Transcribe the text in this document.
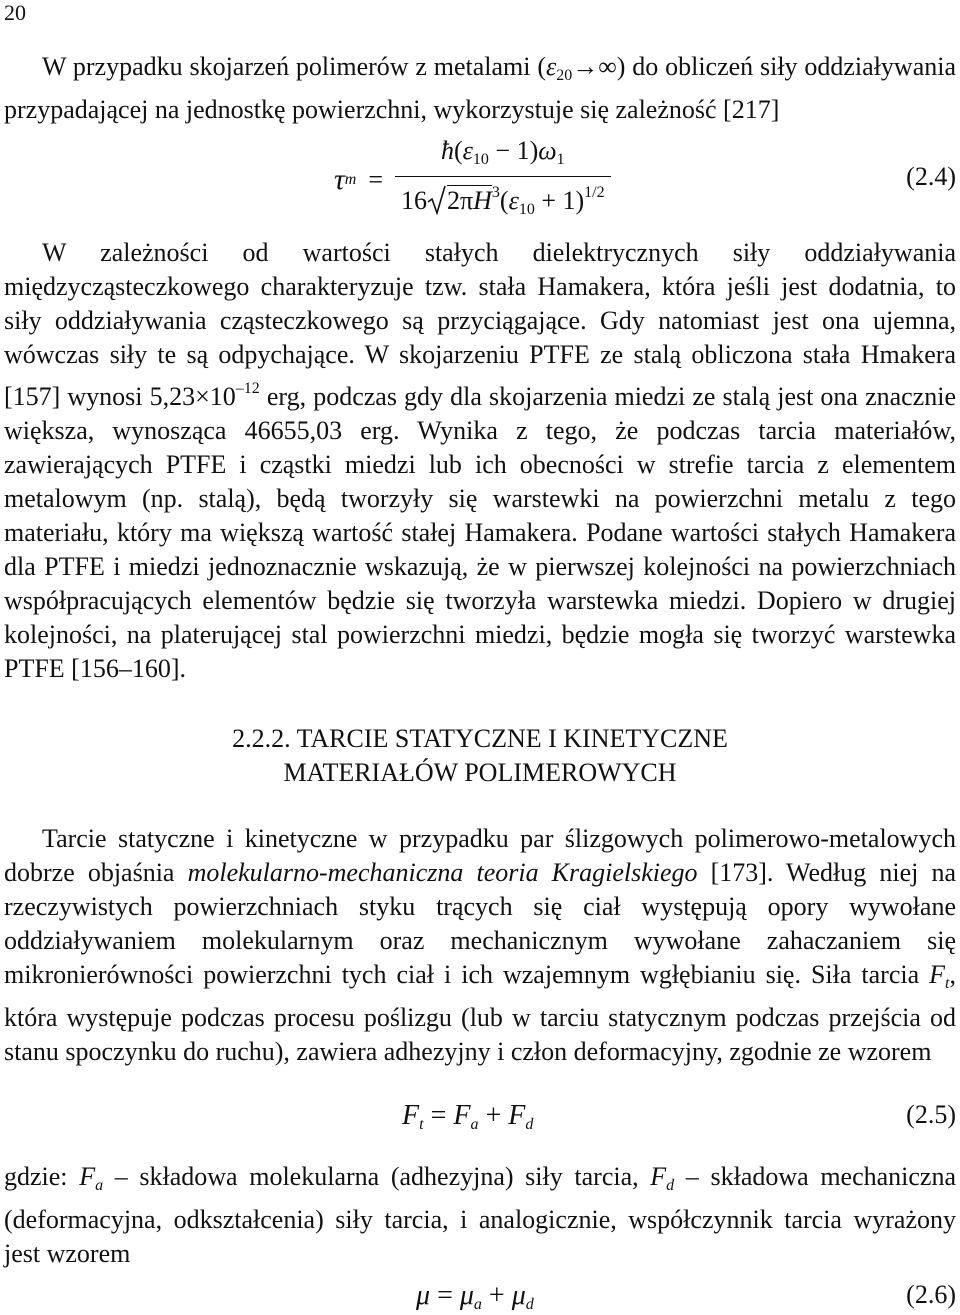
20

W przypadku skojarzeń polimerów z metalami $(\varepsilon_{20}\to\infty)$ do obliczeń siły oddziaływania przypadającej na jednostkę powierzchni, wykorzystuje się zależność [217]

τ $m = \frac{ħ(\varepsilon_{10} - 1)\omega_1}{16 2\pi H^3(\varepsilon_{10} + 1)^{1/2}}$	(2.4)

W zależności od wartości stałych dielektrycznych siły oddziaływania międzycząsteczkowego charakteryzuje tzw. stała Hamakera, która jeśli jest dodatnia, to siły oddziaływania cząsteczkowego są przyciągające. Gdy natomiast jest ona ujemna, wówczas siły te są odpychające. W skojarzeniu PTFE ze stalą obliczona stała Hmakera [157] wynosi $5,23\times 10^{-12}$ erg, podczas gdy dla skojarzenia miedzi ze stalą jest ona znacznie większa, wynosząca 46655,03 erg. Wynika z tego, że podczas tarcia materiałów, zawierających PTFE i cząstki miedzi lub ich obecności w strefie tarcia z elementem metalowym (np. stalą), będą tworzyły się warstewki na powierzchni metalu z tego materiału, który ma większą wartość stałej Hamakera. Podane wartości stałych Hamakera dla PTFE i miedzi jednoznacznie wskazują, że w pierwszej kolejności na powierzchniach współpracujących elementów będzie się tworzyła warstewka miedzi. Dopiero w drugiej kolejności, na platerującej stal powierzchni miedzi, będzie mogła się tworzyć warstewka PTFE [156–160].

2.2.2. TARCIE STATYCZNE I KINETYCZNE
MATERIAŁÓW POLIMEROWYCH

Tarcie statyczne i kinetyczne w przypadku par ślizgowych polimerowo-metalowych dobrze objaśnia molekularno-mechaniczna teoria Kragielskiego [173]. Według niej na rzeczywistych powierzchniach styku trących się ciał występują opory wywołane oddziaływaniem molekularnym oraz mechanicznym wywołane zahaczaniem się mikronierówności powierzchni tych ciał i ich wzajemnym wgłębianiu się. Siła tarcia $F_t$, która występuje podczas procesu poślizgu (lub w tarciu statycznym podczas przejścia od stanu spoczynku do ruchu), zawiera adhezyjny i człon deformacyjny, zgodnie ze wzorem

$F_t = F_a + F_d$	(2.5)

gdzie: $F_a$ – składowa molekularna (adhezyjna) siły tarcia, $F_d$ – składowa mechaniczna (deformacyjna, odkształcenia) siły tarcia, i analogicznie, współczynnik tarcia wyrażony jest wzorem

$\mu = \mu_a + \mu_d$	(2.6)
